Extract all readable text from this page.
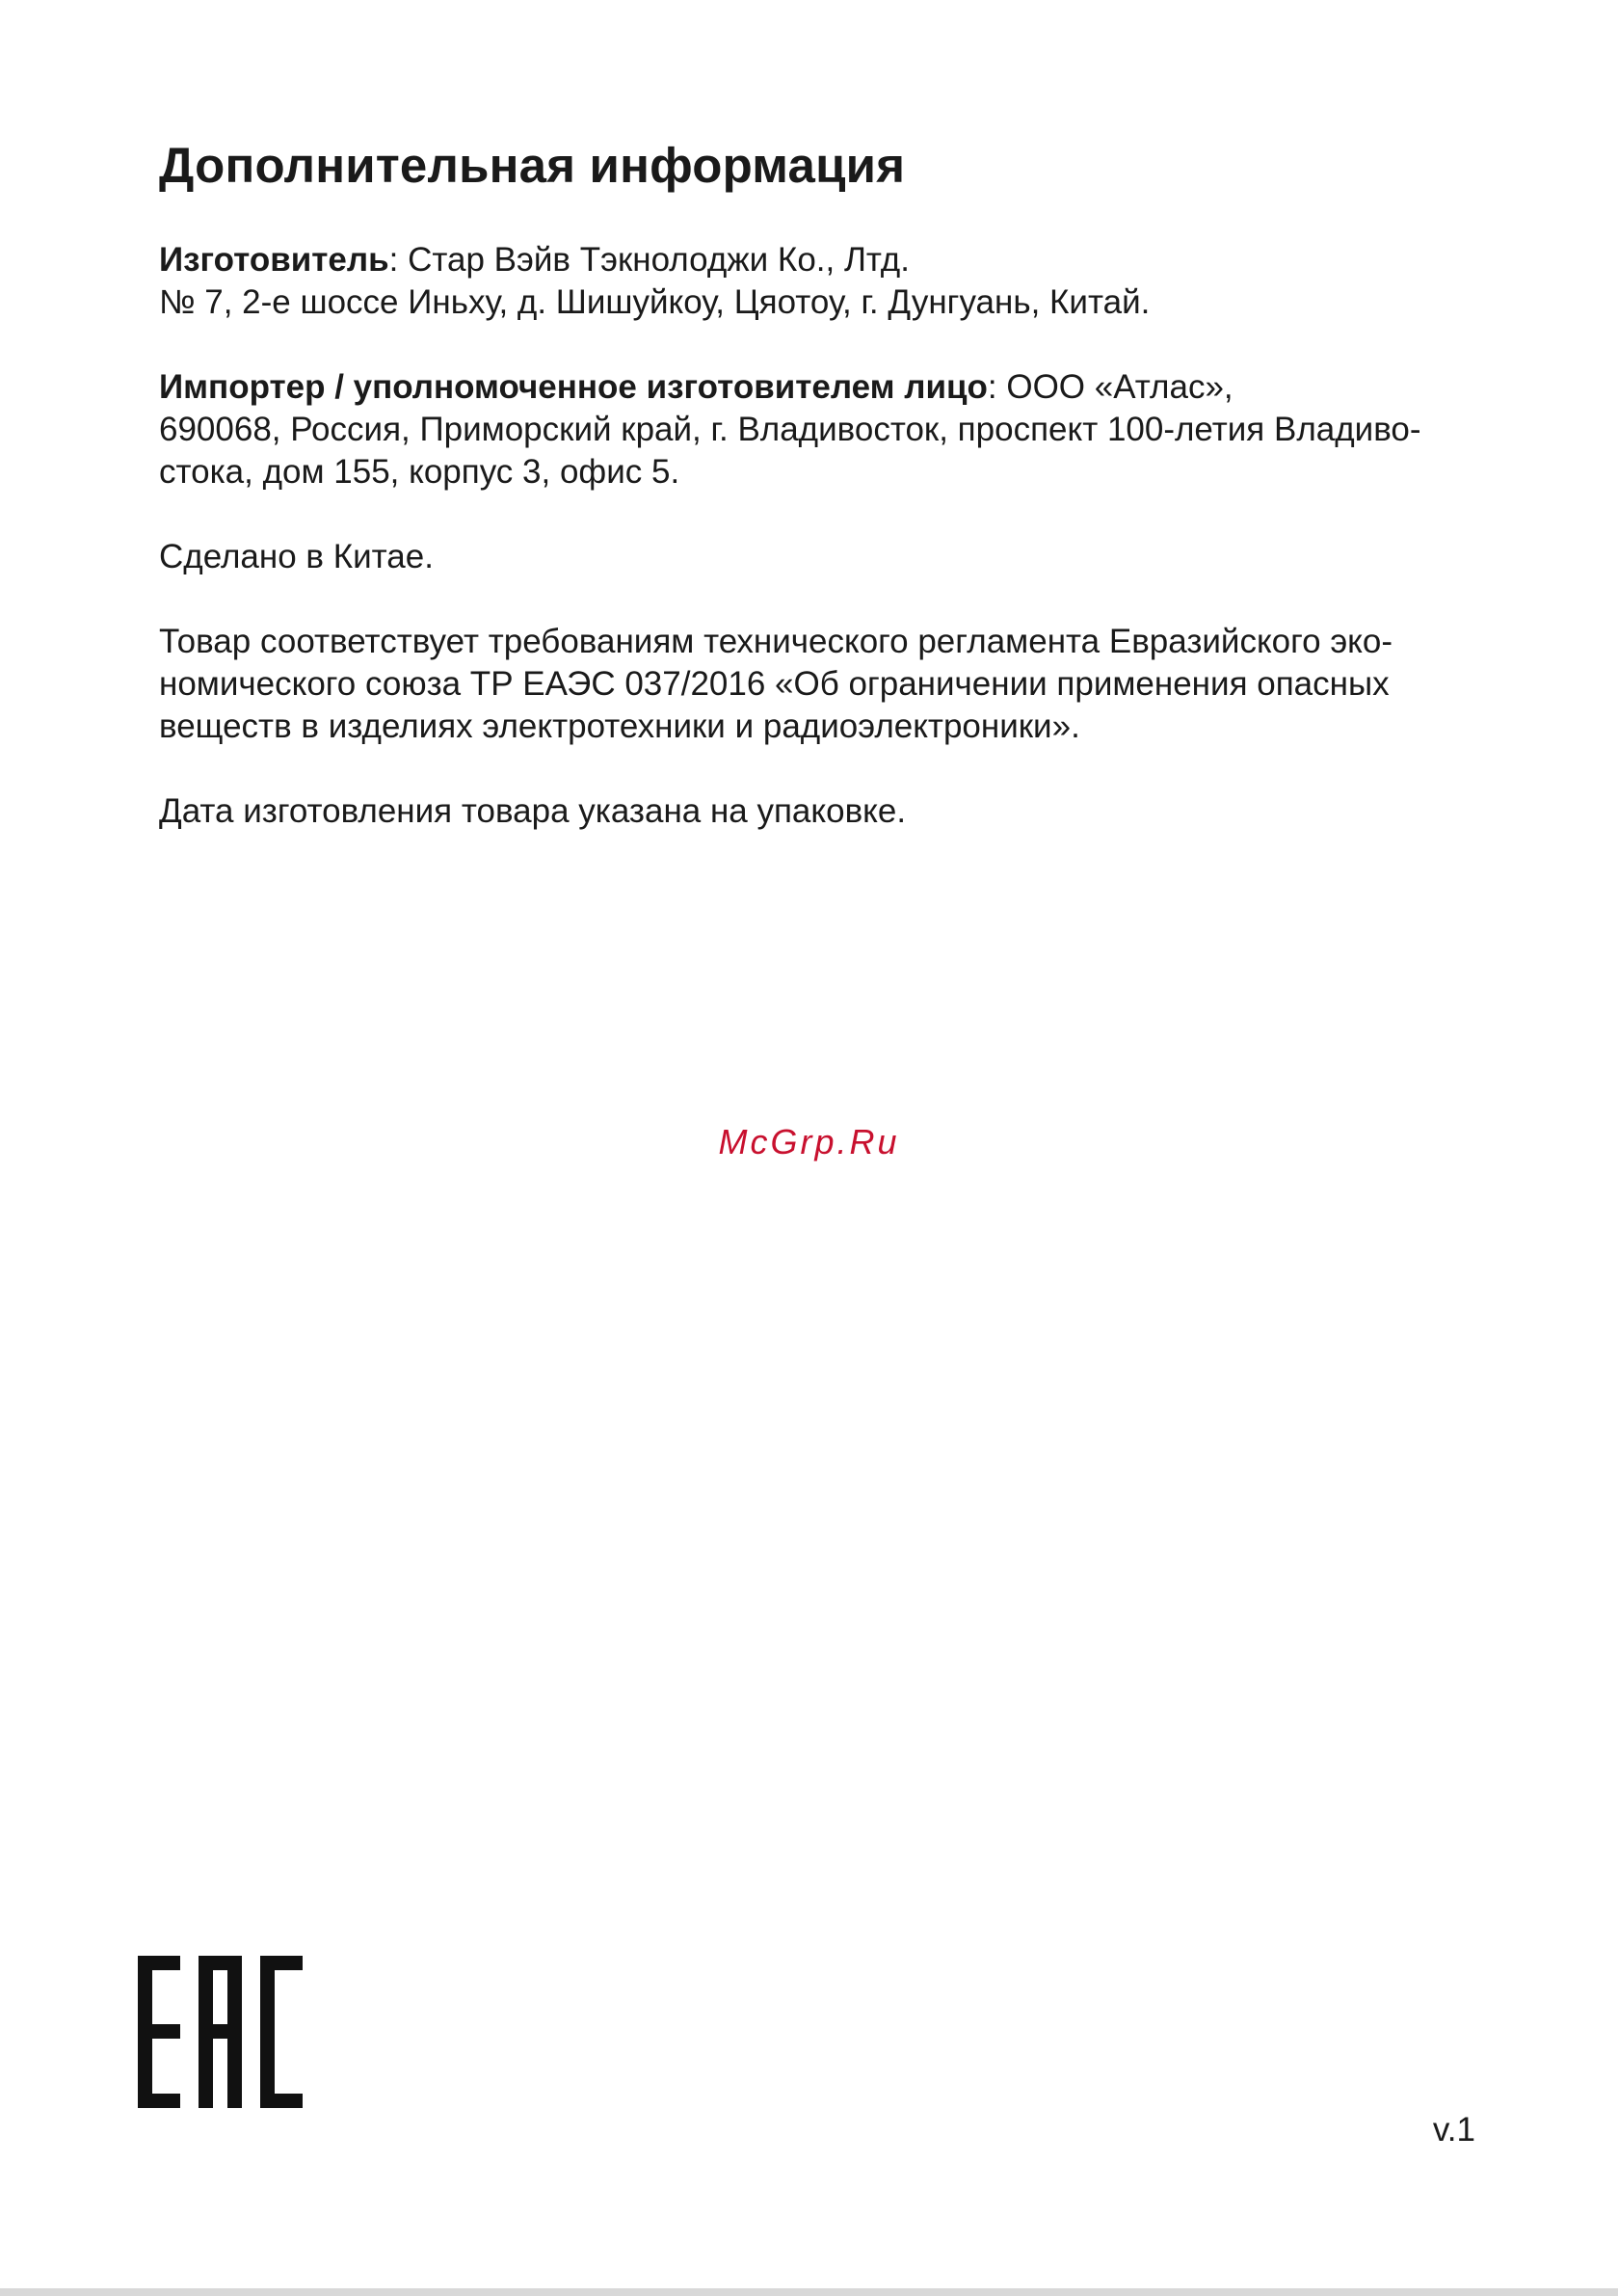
Дополнительная информация

Изготовитель: Стар Вэйв Тэкнолоджи Ко., Лтд.
№ 7, 2-е шоссе Иньху, д. Шишуйкоу, Цяотоу, г. Дунгуань, Китай.

Импортер / уполномоченное изготовителем лицо: ООО «Атлас»,
690068, Россия, Приморский край, г. Владивосток, проспект 100-летия Владиво-
стока, дом 155, корпус 3, офис 5.

Сделано в Китае.

Товар соответствует требованиям технического регламента Евразийского эко-
номического союза ТР ЕАЭС 037/2016 «Об ограничении применения опасных
веществ в изделиях электротехники и радиоэлектроники».

Дата изготовления товара указана на упаковке.

McGrp.Ru
v.1
